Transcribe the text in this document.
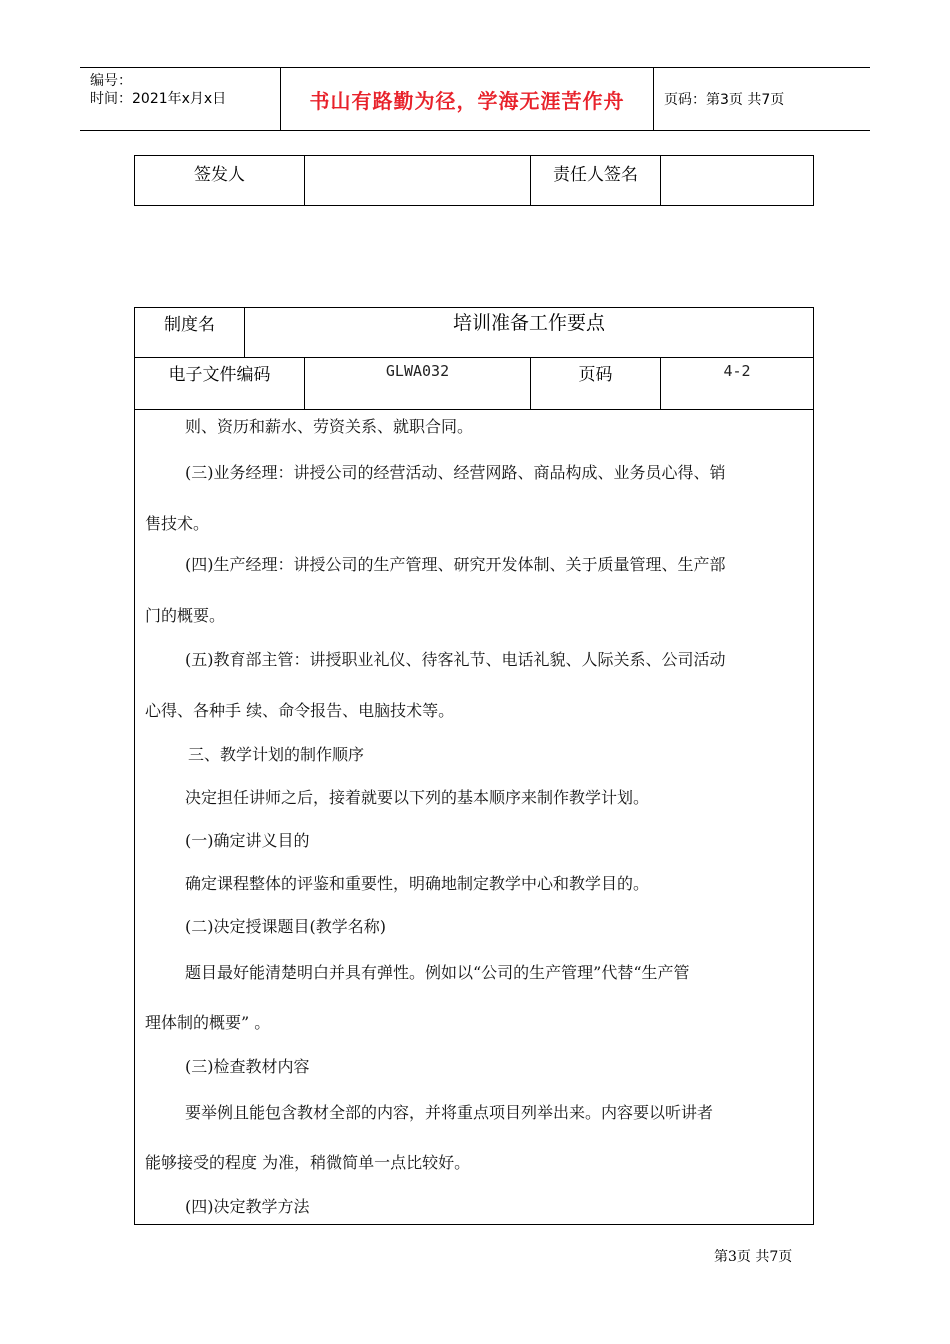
编号：
时间：2021年x月x日	书山有路勤为径，学海无涯苦作舟	页码：第3页 共7页
签发人	责任人签名
制度名	培训准备工作要点
电子文件编码	GLWA032	页码	4-2
则、资历和薪水、劳资关系、就职合同。
(三)业务经理：讲授公司的经营活动、经营网路、商品构成、业务员心得、销
售技术。
(四)生产经理：讲授公司的生产管理、研究开发体制、关于质量管理、生产部
门的概要。
(五)教育部主管：讲授职业礼仪、待客礼节、电话礼貌、人际关系、公司活动
心得、各种手 续、命令报告、电脑技术等。
三、教学计划的制作顺序
决定担任讲师之后，接着就要以下列的基本顺序来制作教学计划。
(一)确定讲义目的
确定课程整体的评鉴和重要性，明确地制定教学中心和教学目的。
(二)决定授课题目(教学名称)
题目最好能清楚明白并具有弹性。例如以“公司的生产管理”代替“生产管
理体制的概要” 。
(三)检查教材内容
要举例且能包含教材全部的内容，并将重点项目列举出来。内容要以听讲者
能够接受的程度 为准，稍微简单一点比较好。
(四)决定教学方法
第3页 共7页
